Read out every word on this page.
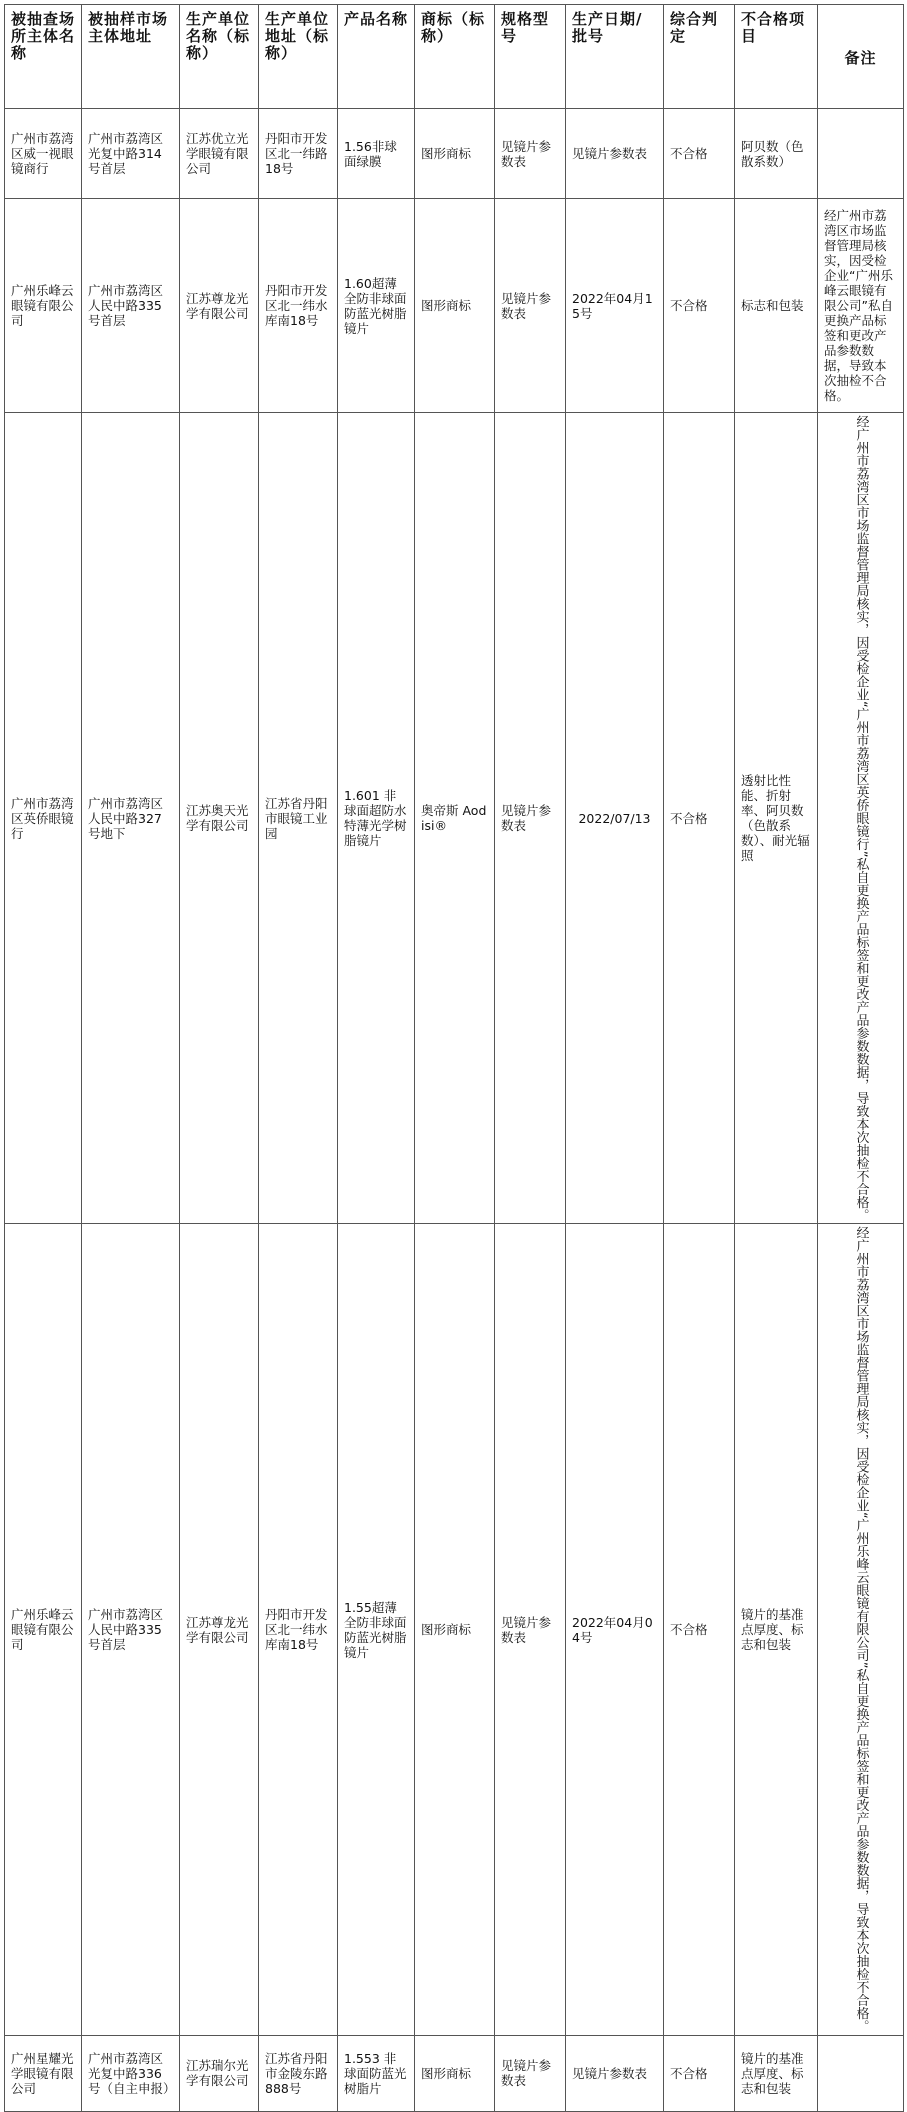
被抽查场所主体名称	被抽样市场主体地址	生产单位名称（标称）	生产单位地址（标称）	产品名称	商标（标称）	规格型号	生产日期/批号	综合判定	不合格项目	备注
广州市荔湾区威一视眼镜商行	广州市荔湾区光复中路314号首层	江苏优立光学眼镜有限公司	丹阳市开发区北一纬路18号	1.56非球面绿膜	图形商标	见镜片参数表	见镜片参数表	不合格	阿贝数（色散系数）	
广州乐峰云眼镜有限公司	广州市荔湾区人民中路335号首层	江苏尊龙光学有限公司	丹阳市开发区北一纬水库南18号	1.60超薄全防非球面防蓝光树脂镜片	图形商标	见镜片参数表	2022年04月15号	不合格	标志和包装	经广州市荔湾区市场监督管理局核实，因受检企业“广州乐峰云眼镜有限公司”私自更换产品标签和更改产品参数数据，导致本次抽检不合格。
广州市荔湾区英侨眼镜行	广州市荔湾区人民中路327号地下	江苏奥天光学有限公司	江苏省丹阳市眼镜工业园	1.601 非球面超防水特薄光学树脂镜片	奥帝斯 Aodisi®	见镜片参数表	2022/07/13	不合格	透射比性能、折射率、阿贝数（色散系数）、耐光辐照	经广州市荔湾区市场监督管理局核实，因受检企业“广州市荔湾区英侨眼镜行”私自更换产品标签和更改产品参数数据，导致本次抽检不合格。

广州乐峰云眼镜有限公司	广州市荔湾区人民中路335号首层	江苏尊龙光学有限公司	丹阳市开发区北一纬水库南18号	1.55超薄全防非球面防蓝光树脂镜片	图形商标	见镜片参数表	2022年04月04号	不合格	镜片的基准点厚度、标志和包装	经广州市荔湾区市场监督管理局核实，因受检企业“广州乐峰云眼镜有限公司”私自更换产品标签和更改产品参数数据，导致本次抽检不合格。

广州星耀光学眼镜有限公司	广州市荔湾区光复中路336号（自主申报）	江苏瑞尔光学有限公司	江苏省丹阳市金陵东路888号	1.553 非球面防蓝光树脂片	图形商标	见镜片参数表	见镜片参数表	不合格	镜片的基准点厚度、标志和包装	
